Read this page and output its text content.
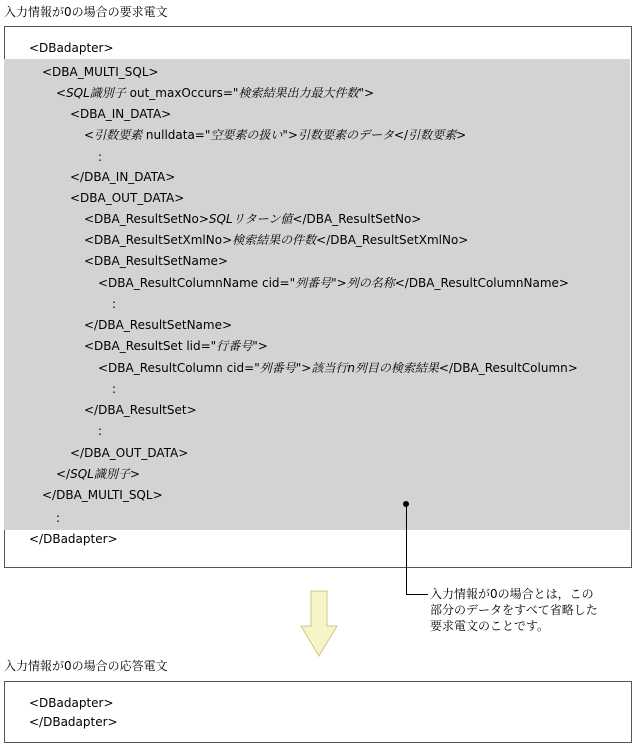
入力情報が0の場合の要求電文
<DBadapter>
<DBA_MULTI_SQL>
<SQL識別子 out_maxOccurs="検索結果出力最大件数">
<DBA_IN_DATA>
<引数要素 nulldata="空要素の扱い">引数要素のデータ</引数要素>
:
</DBA_IN_DATA>
<DBA_OUT_DATA>
<DBA_ResultSetNo>SQLリターン値</DBA_ResultSetNo>
<DBA_ResultSetXmlNo>検索結果の件数</DBA_ResultSetXmlNo>
<DBA_ResultSetName>
<DBA_ResultColumnName cid="列番号">列の名称</DBA_ResultColumnName>
:
</DBA_ResultSetName>
<DBA_ResultSet lid="行番号">
<DBA_ResultColumn cid="列番号">該当行n列目の検索結果</DBA_ResultColumn>
:
</DBA_ResultSet>
:
</DBA_OUT_DATA>
</SQL識別子>
</DBA_MULTI_SQL>
:
</DBadapter>
入力情報が0の場合とは，この
部分のデータをすべて省略した
要求電文のことです。
入力情報が0の場合の応答電文
<DBadapter>
</DBadapter>
